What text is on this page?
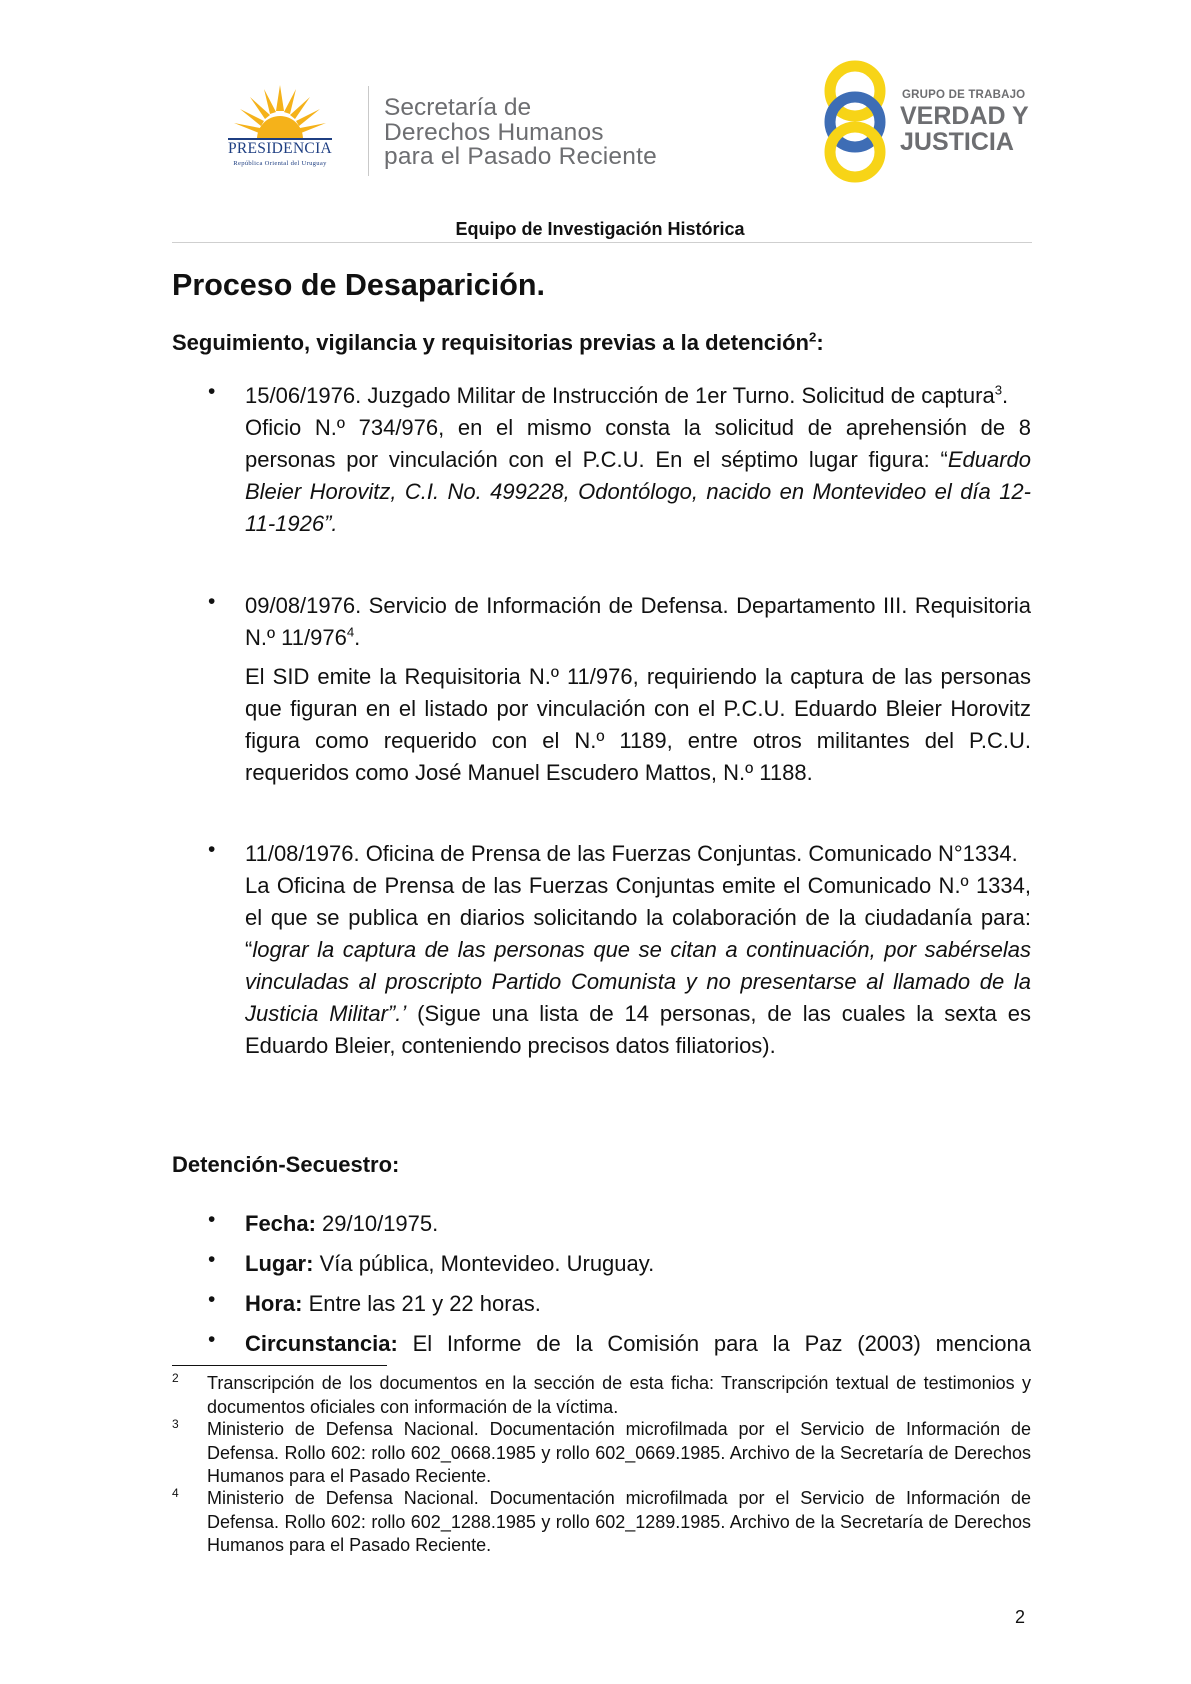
PRESIDENCIA
República Oriental del Uruguay
Secretaría de
Derechos Humanos
para el Pasado Reciente
GRUPO DE TRABAJO
VERDAD Y
JUSTICIA
Equipo de Investigación Histórica
Proceso de Desaparición.
Seguimiento, vigilancia y requisitorias previas a la detención$^2$:
• 15/06/1976. Juzgado Militar de Instrucción de 1er Turno. Solicitud de captura$^3$.

Oficio N.º 734/976, en el mismo consta la solicitud de aprehensión de 8 personas por vinculación con el P.C.U. En el séptimo lugar figura: “Eduardo Bleier Horovitz, C.I. No. 499228, Odontólogo, nacido en Montevideo el día 12-11-1926”.

• 09/08/1976. Servicio de Información de Defensa. Departamento III. Requisitoria N.º $11/976^4$.

El SID emite la Requisitoria N.º 11/976, requiriendo la captura de las personas que figuran en el listado por vinculación con el P.C.U. Eduardo Bleier Horovitz figura como requerido con el N.º 1189, entre otros militantes del P.C.U. requeridos como José Manuel Escudero Mattos, N.º 1188.

• 11/08/1976. Oficina de Prensa de las Fuerzas Conjuntas. Comunicado N°1334.

La Oficina de Prensa de las Fuerzas Conjuntas emite el Comunicado N.º 1334, el que se publica en diarios solicitando la colaboración de la ciudadanía para: “lograr la captura de las personas que se citan a continuación, por sabérselas vinculadas al proscripto Partido Comunista y no presentarse al llamado de la Justicia Militar”.’ (Sigue una lista de 14 personas, de las cuales la sexta es Eduardo Bleier, conteniendo precisos datos filiatorios).

Detención-Secuestro:
• Fecha: 29/10/1975.
• Lugar: Vía pública, Montevideo. Uruguay.
• Hora: Entre las 21 y 22 horas.
• Circunstancia: El Informe de la Comisión para la Paz (2003) menciona
2 Transcripción de los documentos en la sección de esta ficha: Transcripción textual de testimonios y documentos oficiales con información de la víctima.
3 Ministerio de Defensa Nacional. Documentación microfilmada por el Servicio de Información de Defensa. Rollo 602: rollo 602_0668.1985 y rollo 602_0669.1985. Archivo de la Secretaría de Derechos Humanos para el Pasado Reciente.
4 Ministerio de Defensa Nacional. Documentación microfilmada por el Servicio de Información de Defensa. Rollo 602: rollo 602_1288.1985 y rollo 602_1289.1985. Archivo de la Secretaría de Derechos Humanos para el Pasado Reciente.
2
